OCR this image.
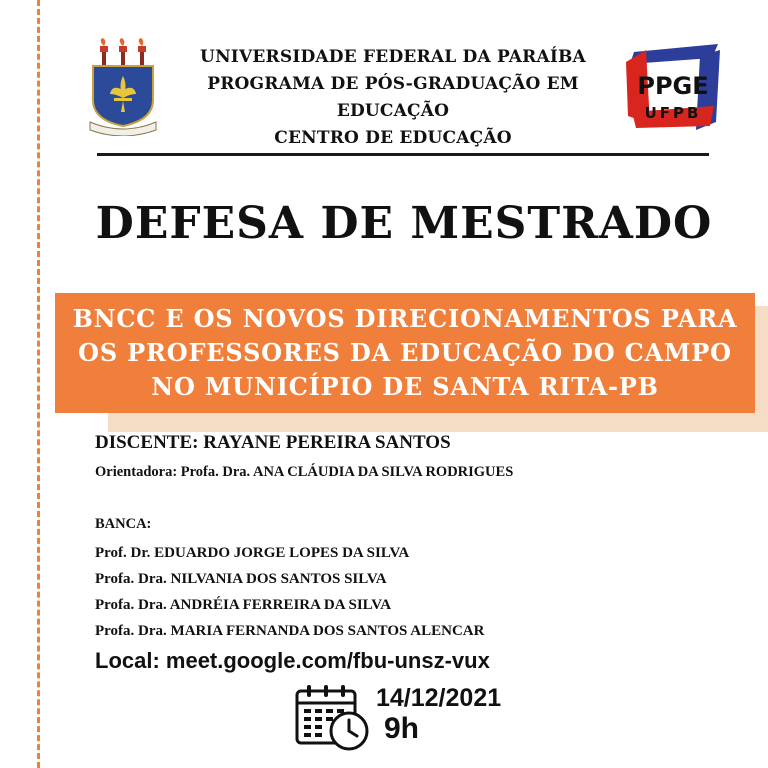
UNIVERSIDADE FEDERAL DA PARAÍBA
PROGRAMA DE PÓS-GRADUAÇÃO EM EDUCAÇÃO
CENTRO DE EDUCAÇÃO
PPGE
UFPB
DEFESA DE MESTRADO
BNCC E OS NOVOS DIRECIONAMENTOS PARA OS PROFESSORES DA EDUCAÇÃO DO CAMPO NO MUNICÍPIO DE SANTA RITA-PB
DISCENTE: RAYANE PEREIRA SANTOS
Orientadora: Profa. Dra. ANA CLÁUDIA DA SILVA RODRIGUES
BANCA:
Prof. Dr. EDUARDO JORGE LOPES DA SILVA
Profa. Dra. NILVANIA DOS SANTOS SILVA
Profa. Dra. ANDRÉIA FERREIRA DA SILVA
Profa. Dra. MARIA FERNANDA DOS SANTOS ALENCAR
Local: meet.google.com/fbu-unsz-vux
14/12/2021
9h
